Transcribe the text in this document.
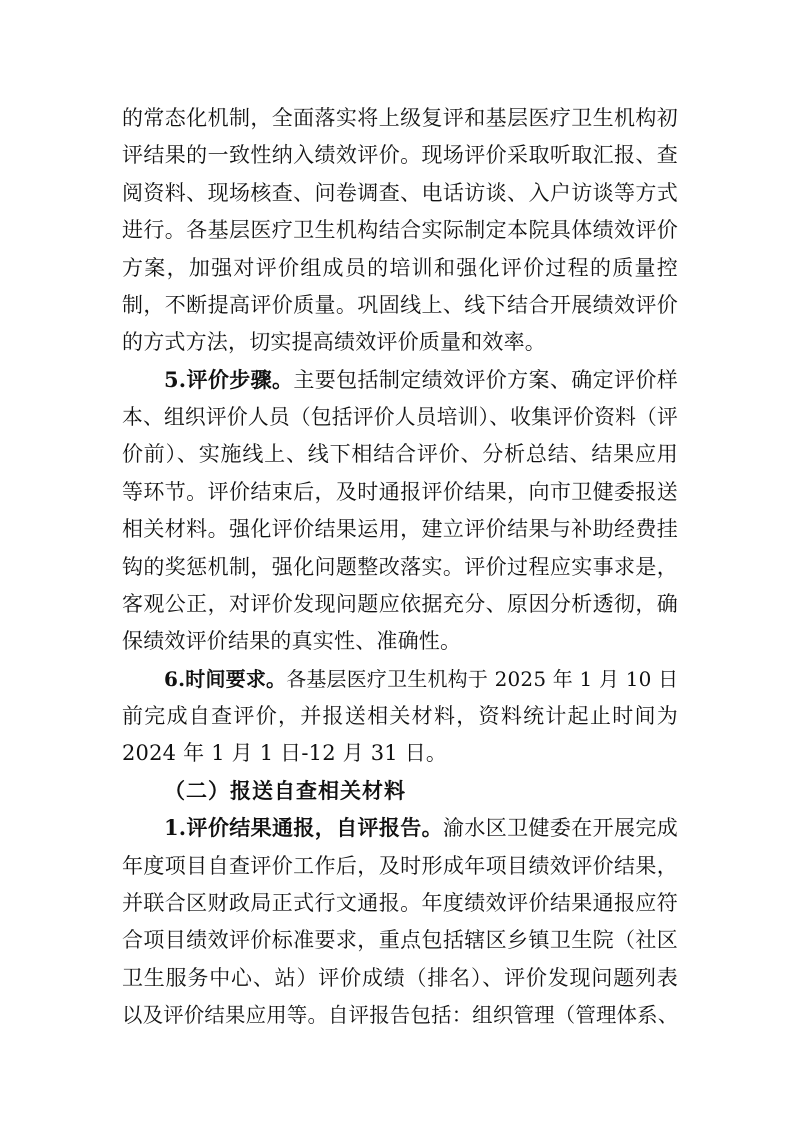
的常态化机制，全面落实将上级复评和基层医疗卫生机构初
评结果的一致性纳入绩效评价。现场评价采取听取汇报、查
阅资料、现场核查、问卷调查、电话访谈、入户访谈等方式
进行。各基层医疗卫生机构结合实际制定本院具体绩效评价
方案，加强对评价组成员的培训和强化评价过程的质量控
制，不断提高评价质量。巩固线上、线下结合开展绩效评价
的方式方法，切实提高绩效评价质量和效率。
5.评价步骤。主要包括制定绩效评价方案、确定评价样
本、组织评价人员（包括评价人员培训）、收集评价资料（评
价前）、实施线上、线下相结合评价、分析总结、结果应用
等环节。评价结束后，及时通报评价结果，向市卫健委报送
相关材料。强化评价结果运用，建立评价结果与补助经费挂
钩的奖惩机制，强化问题整改落实。评价过程应实事求是，
客观公正，对评价发现问题应依据充分、原因分析透彻，确
保绩效评价结果的真实性、准确性。
6.时间要求。各基层医疗卫生机构于 2025 年 1 月 10 日
前完成自查评价，并报送相关材料，资料统计起止时间为
2024 年 1 月 1 日-12 月 31 日。
（二）报送自查相关材料
1.评价结果通报，自评报告。渝水区卫健委在开展完成
年度项目自查评价工作后，及时形成年项目绩效评价结果，
并联合区财政局正式行文通报。年度绩效评价结果通报应符
合项目绩效评价标准要求，重点包括辖区乡镇卫生院（社区
卫生服务中心、站）评价成绩（排名）、评价发现问题列表
以及评价结果应用等。自评报告包括：组织管理（管理体系、
